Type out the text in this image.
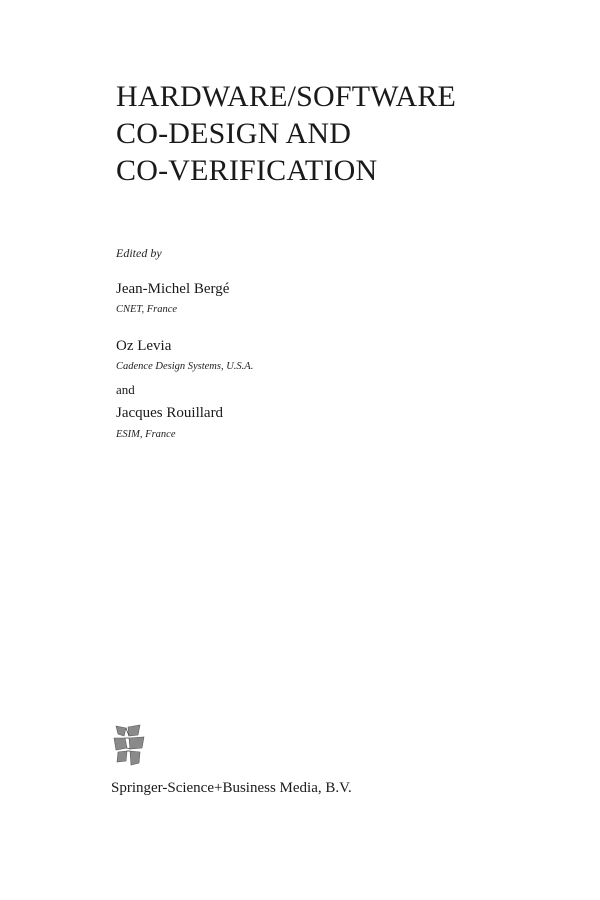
HARDWARE/SOFTWARE
CO-DESIGN AND
CO-VERIFICATION
Edited by
Jean-Michel Bergé
CNET, France
Oz Levia
Cadence Design Systems, U.S.A.
and
Jacques Rouillard
ESIM, France
Springer-Science+Business Media, B.V.
